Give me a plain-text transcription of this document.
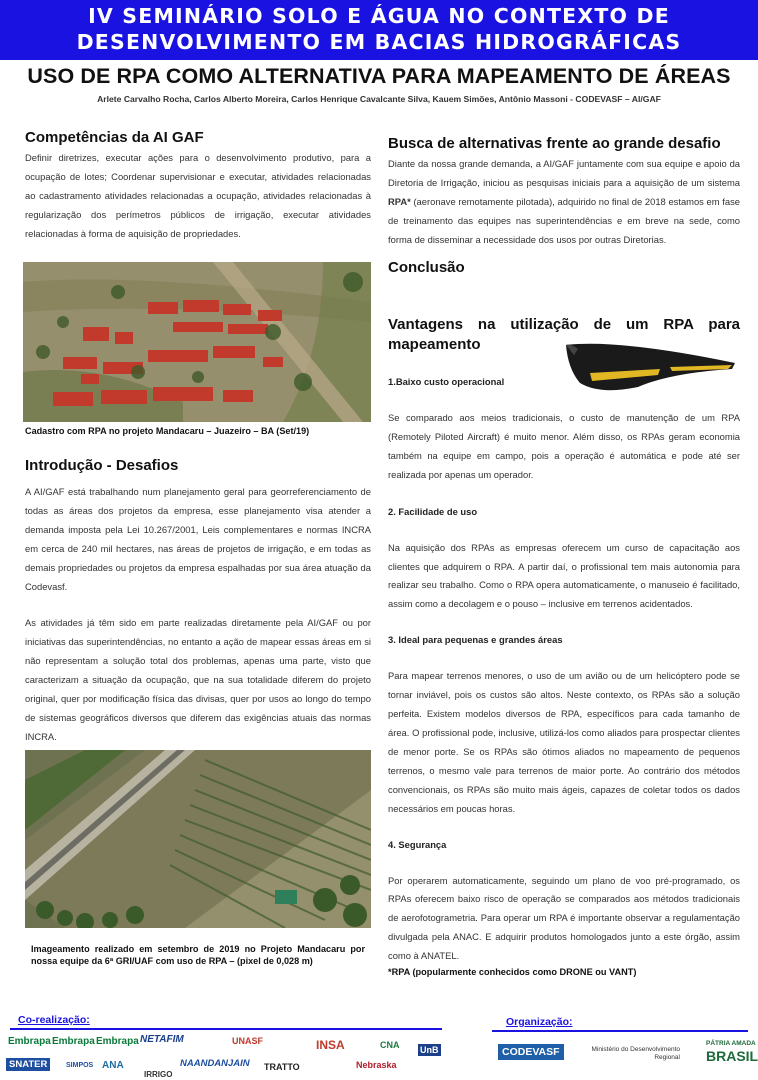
IV SEMINÁRIO SOLO E ÁGUA NO CONTEXTO DE
DESENVOLVIMENTO EM BACIAS HIDROGRÁFICAS
USO DE RPA COMO ALTERNATIVA PARA MAPEAMENTO DE ÁREAS
Arlete Carvalho Rocha, Carlos Alberto Moreira, Carlos Henrique Cavalcante Silva, Kauem Simões, Antônio Massoni - CODEVASF – AI/GAF
Competências da AI GAF
Definir diretrizes, executar ações para o desenvolvimento produtivo, para a ocupação de lotes; Coordenar supervisionar e executar, atividades relacionadas ao cadastramento atividades relacionadas a ocupação, atividades relacionadas à regularização dos perímetros públicos de irrigação, executar atividades relacionadas à forma de aquisição de propriedades.
Cadastro com RPA no projeto Mandacaru – Juazeiro – BA (Set/19)
Introdução - Desafios
A AI/GAF está trabalhando num planejamento geral para georreferenciamento de todas as áreas dos projetos da empresa, esse planejamento visa atender a demanda imposta pela Lei 10.267/2001, Leis complementares e normas INCRA em cerca de 240 mil hectares, nas áreas de projetos de irrigação, e em todas as demais propriedades ou projetos da empresa espalhadas por sua área atuação da Codevasf.
As atividades já têm sido em parte realizadas diretamente pela AI/GAF ou por iniciativas das superintendências, no entanto a ação de mapear essas áreas em si não representam a solução total dos problemas, apenas uma parte, visto que caracterizam a situação da ocupação, que na sua totalidade diferem do projeto original, quer por modificação física das divisas, quer por usos ao longo do tempo de sistemas geográficos diversos que diferem das exigências atuais das normas INCRA.
Imageamento realizado em setembro de 2019 no Projeto Mandacaru por nossa equipe da 6ª GRI/UAF com uso de RPA – (pixel de 0,028 m)
Busca de alternativas frente ao grande desafio
Diante da nossa grande demanda, a AI/GAF juntamente com sua equipe e apoio da Diretoria de Irrigação, iniciou as pesquisas iniciais para a aquisição de um sistema RPA* (aeronave remotamente pilotada), adquirido no final de 2018 estamos em fase de treinamento das equipes nas superintendências e em breve na sede, como forma de disseminar a necessidade dos usos por outras Diretorias.
Conclusão
Vantagens na utilização de um RPA para mapeamento
1.Baixo custo operacional
Se comparado aos meios tradicionais, o custo de manutenção de um RPA (Remotely Piloted Aircraft) é muito menor. Além disso, os RPAs geram economia também na equipe em campo, pois a operação é automática e pode até ser realizada por apenas um operador.
2. Facilidade de uso
Na aquisição dos RPAs as empresas oferecem um curso de capacitação aos clientes que adquirem o RPA. A partir daí, o profissional tem mais autonomia para realizar seu trabalho. Como o RPA opera automaticamente, o manuseio é facilitado, assim como a decolagem e o pouso – inclusive em terrenos acidentados.
3. Ideal para pequenas e grandes áreas
Para mapear terrenos menores, o uso de um avião ou de um helicóptero pode se tornar inviável, pois os custos são altos. Neste contexto, os RPAs são a solução perfeita. Existem modelos diversos de RPA, específicos para cada tamanho de área. O profissional pode, inclusive, utilizá-los como aliados para prospectar clientes de menor porte. Se os RPAs são ótimos aliados no mapeamento de pequenos terrenos, o mesmo vale para terrenos de maior porte. Ao contrário dos métodos convencionais, os RPAs são muito mais ágeis, capazes de coletar todos os dados necessários em poucas horas.
4. Segurança
Por operarem automaticamente, seguindo um plano de voo pré-programado, os RPAs oferecem baixo risco de operação se comparados aos métodos tradicionais de aerofotogrametria. Para operar um RPA é importante observar a regulamentação divulgada pela ANAC. E adquirir produtos homologados junto a este órgão, assim como à ANATEL.
*RPA (popularmente conhecidos como DRONE ou VANT)
Co-realização:	Organização:
Embrapa Embrapa Embrapa NETAFIM	UNASF	INSA	CNA UnB
SNATER	SIMPOS ANA
IRRIGO
NAANDANJAIN TRATTO	Nebraska
CODEVASF	Ministério do Desenvolvimento Regional
PÁTRIA AMADA
BRASIL
